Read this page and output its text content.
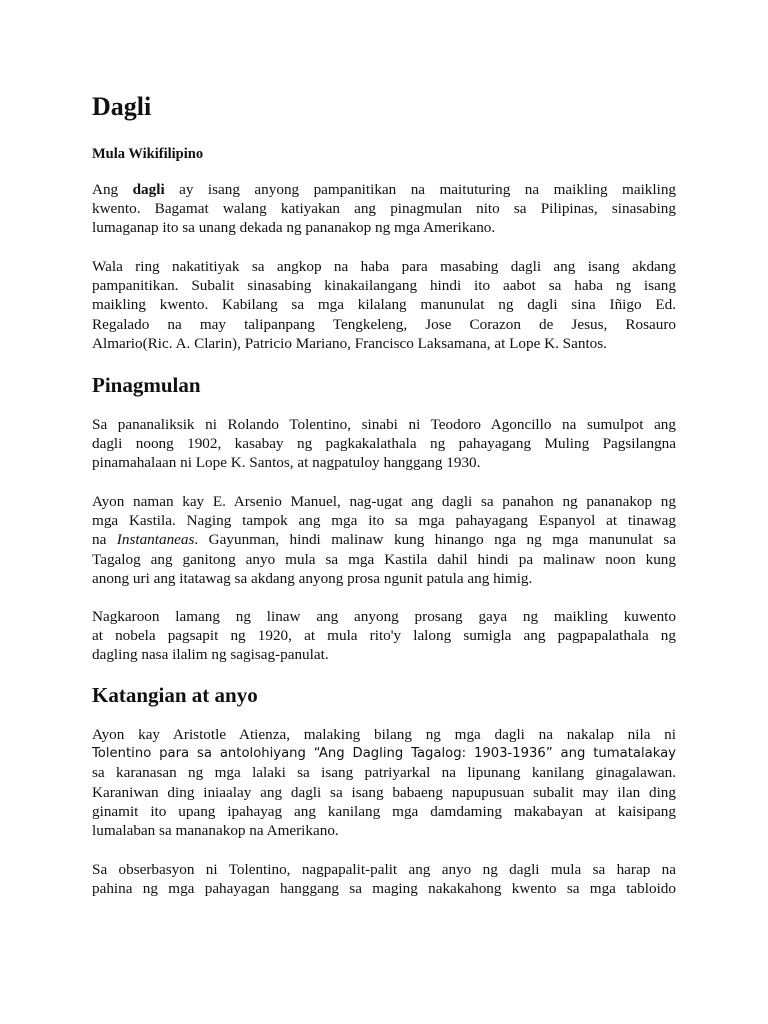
Dagli

Mula Wikifilipino

Ang dagli ay isang anyong pampanitikan na maituturing na maikling maikling
kwento. Bagamat walang katiyakan ang pinagmulan nito sa Pilipinas, sinasabing
lumaganap ito sa unang dekada ng pananakop ng mga Amerikano.
Wala ring nakatitiyak sa angkop na haba para masabing dagli ang isang akdang
pampanitikan. Subalit sinasabing kinakailangang hindi ito aabot sa haba ng isang
maikling kwento. Kabilang sa mga kilalang manunulat ng dagli sina Iñigo Ed.
Regalado na may talipanpang Tengkeleng, Jose Corazon de Jesus, Rosauro
Almario(Ric. A. Clarin), Patricio Mariano, Francisco Laksamana, at Lope K. Santos.
Pinagmulan
Sa pananaliksik ni Rolando Tolentino, sinabi ni Teodoro Agoncillo na sumulpot ang
dagli noong 1902, kasabay ng pagkakalathala ng pahayagang Muling Pagsilangna
pinamahalaan ni Lope K. Santos, at nagpatuloy hanggang 1930.
Ayon naman kay E. Arsenio Manuel, nag-ugat ang dagli sa panahon ng pananakop ng
mga Kastila. Naging tampok ang mga ito sa mga pahayagang Espanyol at tinawag
na Instantaneas. Gayunman, hindi malinaw kung hinango nga ng mga manunulat sa
Tagalog ang ganitong anyo mula sa mga Kastila dahil hindi pa malinaw noon kung
anong uri ang itatawag sa akdang anyong prosa ngunit patula ang himig.
Nagkaroon lamang ng linaw ang anyong prosang gaya ng maikling kuwento
at nobela pagsapit ng 1920, at mula rito'y lalong sumigla ang pagpapalathala ng
dagling nasa ilalim ng sagisag-panulat.
Katangian at anyo
Ayon kay Aristotle Atienza, malaking bilang ng mga dagli na nakalap nila ni
Tolentino para sa antolohiyang “Ang Dagling Tagalog: 1903-1936” ang tumatalakay
sa karanasan ng mga lalaki sa isang patriyarkal na lipunang kanilang ginagalawan.
Karaniwan ding iniaalay ang dagli sa isang babaeng napupusuan subalit may ilan ding
ginamit ito upang ipahayag ang kanilang mga damdaming makabayan at kaisipang
lumalaban sa mananakop na Amerikano.
Sa obserbasyon ni Tolentino, nagpapalit-palit ang anyo ng dagli mula sa harap na
pahina ng mga pahayagan hanggang sa maging nakakahong kwento sa mga tabloido
